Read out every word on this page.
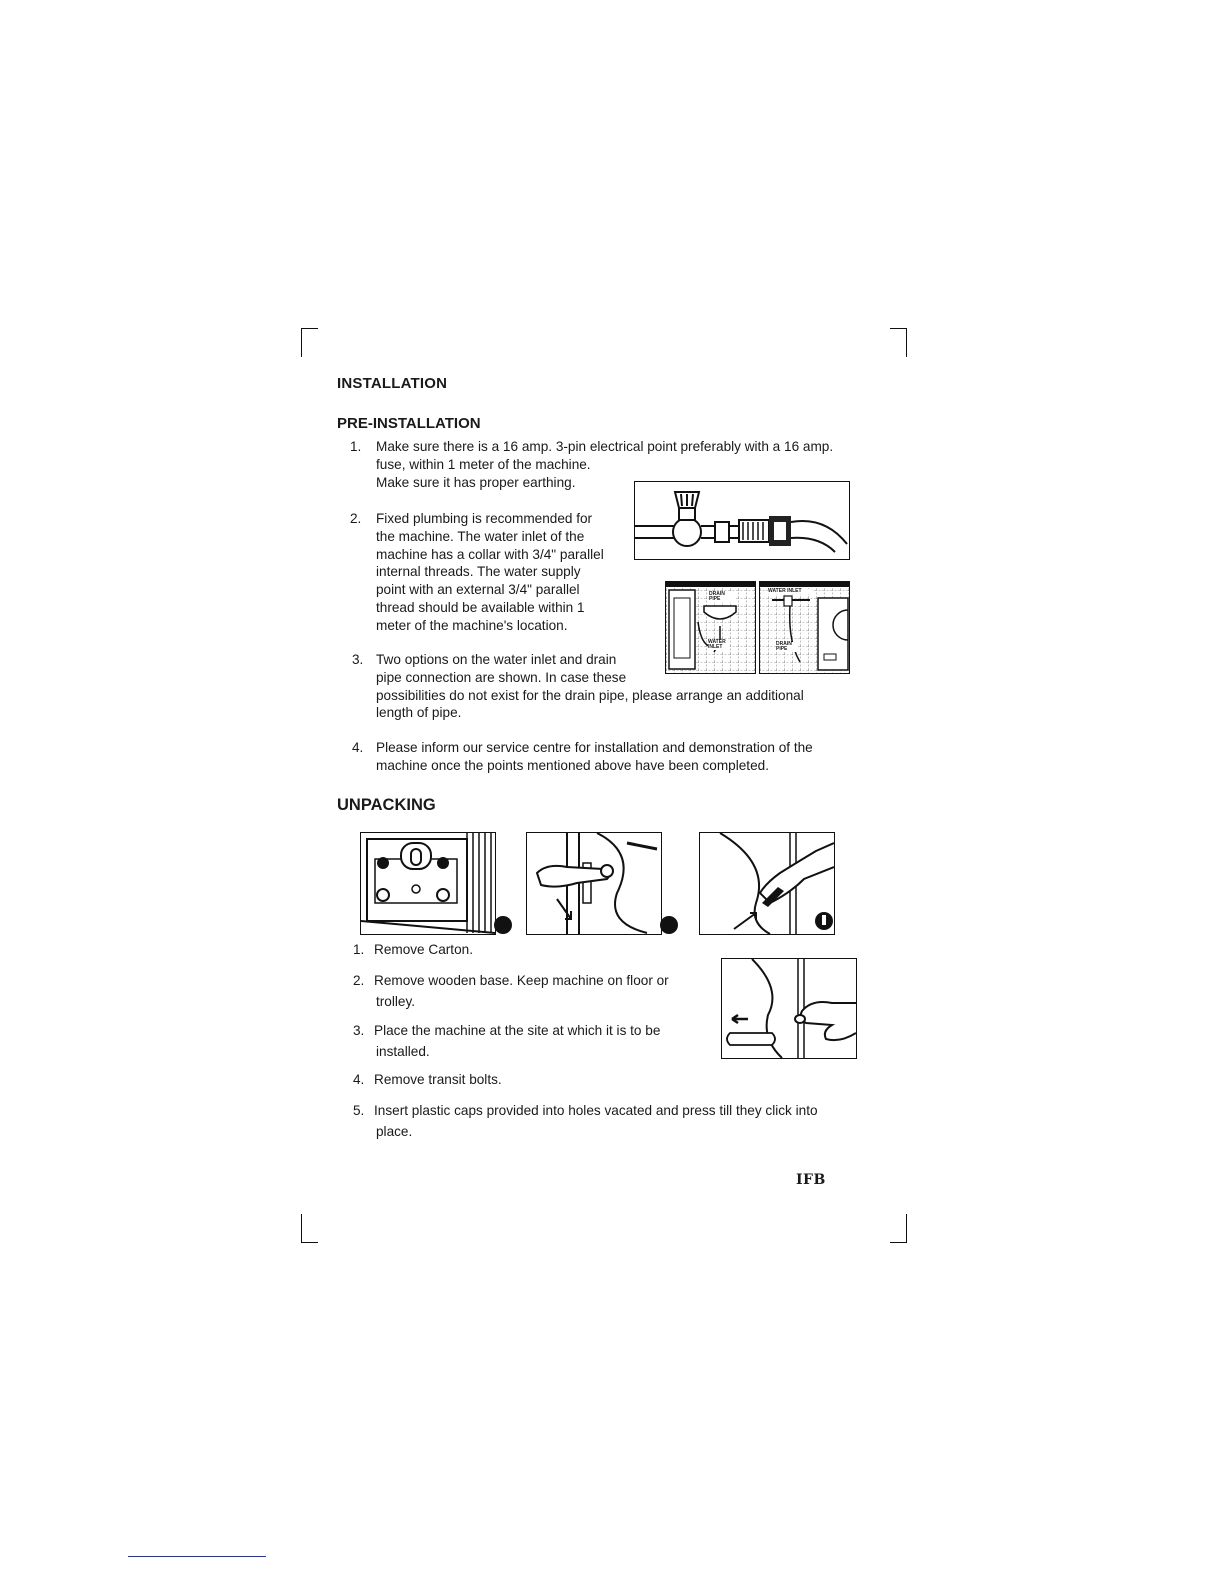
INSTALLATION
PRE-INSTALLATION
1. Make sure there is a 16 amp. 3-pin electrical point preferably with a 16 amp.
fuse, within 1 meter of the machine.
Make sure it has proper earthing.
2. Fixed plumbing is recommended for
the machine. The water inlet of the
machine has a collar with 3/4" parallel
internal threads. The water supply
point with an external 3/4" parallel
thread should be available within 1
meter of the machine's location.
3. Two options on the water inlet and drain
pipe connection are shown. In case these
possibilities do not exist for the drain pipe, please arrange an additional
length of pipe.
4. Please inform our service centre for installation and demonstration of the
machine once the points mentioned above have been completed.
DRAIN PIPE
WATER INLET
WATER INLET
DRAIN PIPE
UNPACKING
1. Remove Carton.
2. Remove wooden base. Keep machine on floor or
trolley.
3. Place the machine at the site at which it is to be
installed.
4. Remove transit bolts.
5. Insert plastic caps provided into holes vacated and press till they click into
place.
IFB
